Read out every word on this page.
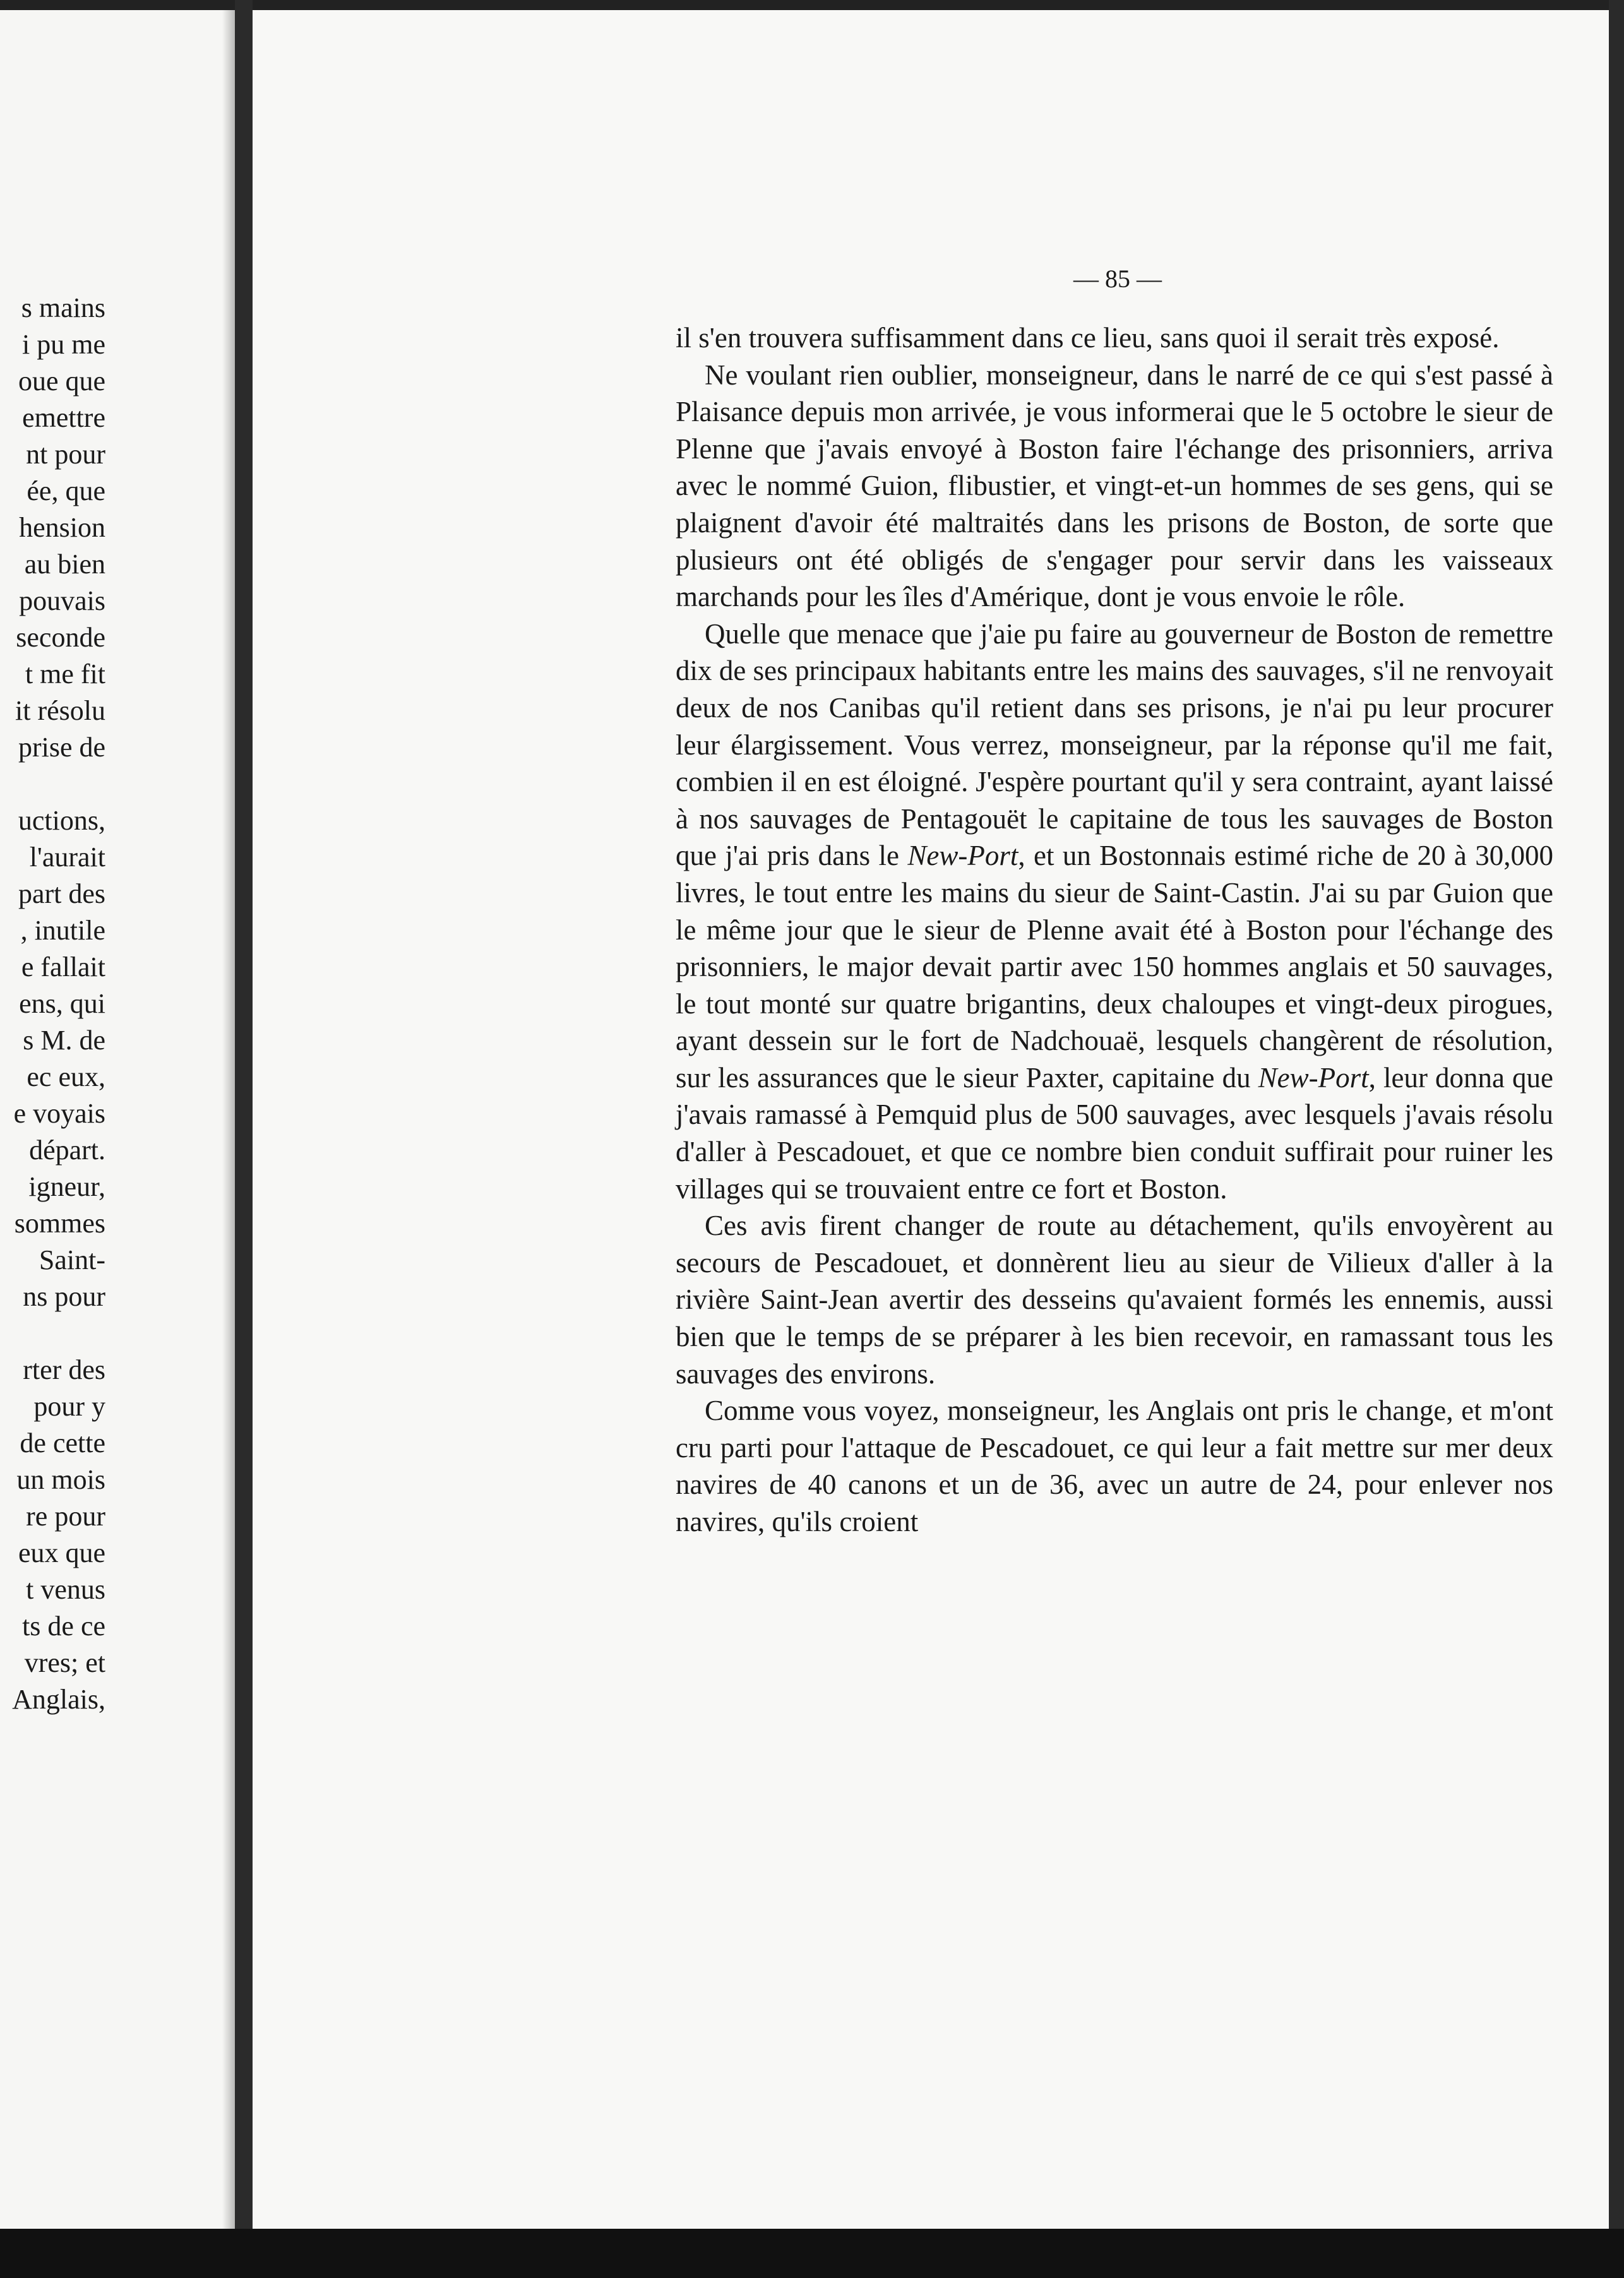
s mains
i pu me
oue que
emettre
nt pour
ée, que
hension
au bien
pouvais
seconde
t me fit
it résolu
prise de
uctions,
l'aurait
part des
, inutile
e fallait
ens, qui
s M. de
ec eux,
e voyais
départ.
igneur,
sommes
Saint-
ns pour
rter des
pour y
de cette
un mois
re pour
eux que
t venus
ts de ce
vres; et
Anglais,
— 85 —

il s'en trouvera suffisamment dans ce lieu, sans quoi il serait très exposé.

Ne voulant rien oublier, monseigneur, dans le narré de ce qui s'est passé à Plaisance depuis mon arrivée, je vous informerai que le 5 octobre le sieur de Plenne que j'avais envoyé à Boston faire l'échange des prisonniers, arriva avec le nommé Guion, flibustier, et vingt-et-un hommes de ses gens, qui se plaignent d'avoir été maltraités dans les prisons de Boston, de sorte que plusieurs ont été obligés de s'engager pour servir dans les vaisseaux marchands pour les îles d'Amérique, dont je vous envoie le rôle.

Quelle que menace que j'aie pu faire au gouverneur de Boston de remettre dix de ses principaux habitants entre les mains des sauvages, s'il ne renvoyait deux de nos Canibas qu'il retient dans ses prisons, je n'ai pu leur procurer leur élargissement. Vous verrez, monseigneur, par la réponse qu'il me fait, combien il en est éloigné. J'espère pourtant qu'il y sera contraint, ayant laissé à nos sauvages de Pentagouët le capitaine de tous les sauvages de Boston que j'ai pris dans le New-Port, et un Bostonnais estimé riche de 20 à 30,000 livres, le tout entre les mains du sieur de Saint-Castin. J'ai su par Guion que le même jour que le sieur de Plenne avait été à Boston pour l'échange des prisonniers, le major devait partir avec 150 hommes anglais et 50 sauvages, le tout monté sur quatre brigantins, deux chaloupes et vingt-deux pirogues, ayant dessein sur le fort de Nadchouaë, lesquels changèrent de résolution, sur les assurances que le sieur Paxter, capitaine du New-Port, leur donna que j'avais ramassé à Pemquid plus de 500 sauvages, avec lesquels j'avais résolu d'aller à Pescadouet, et que ce nombre bien conduit suffirait pour ruiner les villages qui se trouvaient entre ce fort et Boston.

Ces avis firent changer de route au détachement, qu'ils envoyèrent au secours de Pescadouet, et donnèrent lieu au sieur de Vilieux d'aller à la rivière Saint-Jean avertir des desseins qu'avaient formés les ennemis, aussi bien que le temps de se préparer à les bien recevoir, en ramassant tous les sauvages des environs.

Comme vous voyez, monseigneur, les Anglais ont pris le change, et m'ont cru parti pour l'attaque de Pescadouet, ce qui leur a fait mettre sur mer deux navires de 40 canons et un de 36, avec un autre de 24, pour enlever nos navires, qu'ils croient
